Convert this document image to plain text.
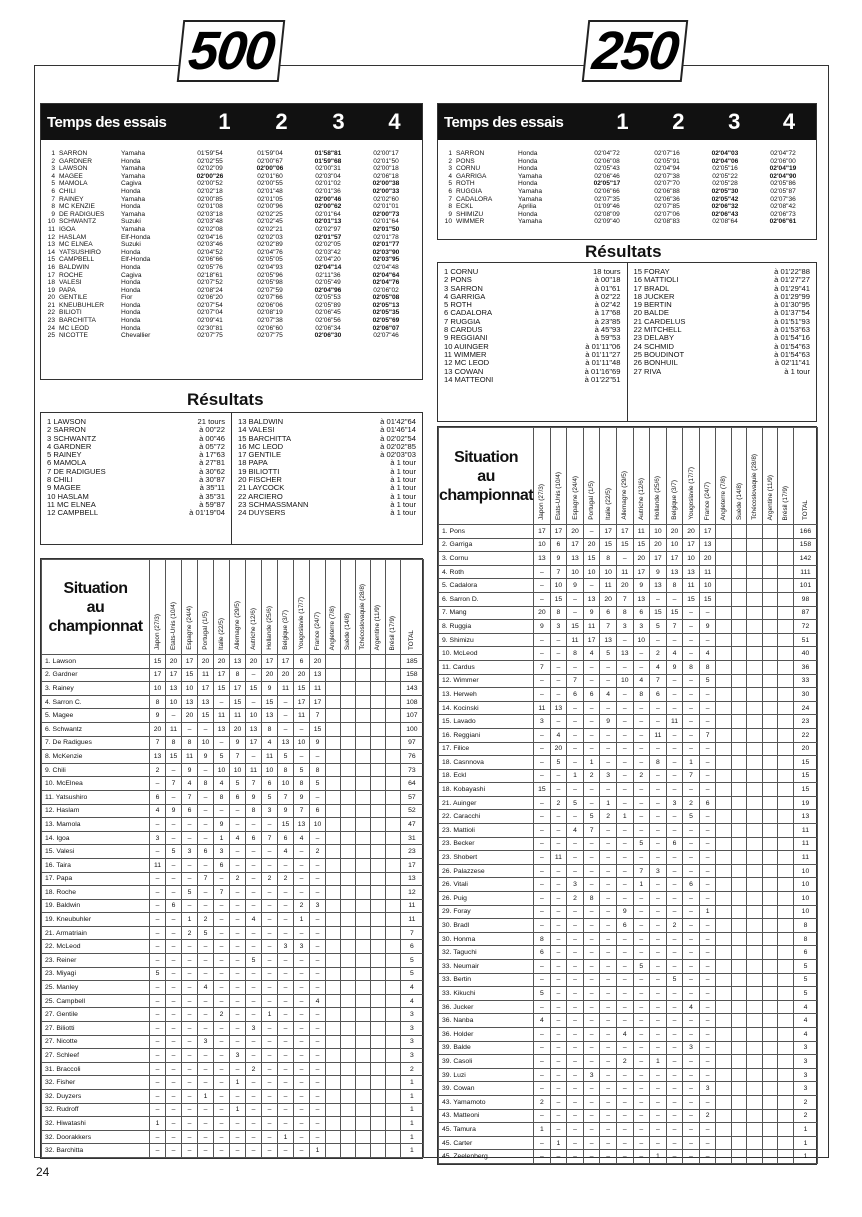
500	250
Temps des essais	1	2	3	4
1	SARRON	Yamaha	01'59"54	01'59"04	01'58"81	02'00"17
2	GARDNER	Honda	02'02"55	02'00"67	01'59"68	02'01"50
3	LAWSON	Yamaha	02'02"09	02'00"06	02'00"31	02'00"18
4	MAGEE	Yamaha	02'00"26	02'01"60	02'03"04	02'06"18
5	MAMOLA	Cagiva	02'00"52	02'00"55	02'01"02	02'00"38
6	CHILI	Honda	02'02"18	02'01"48	02'01"36	02'00"33
7	RAINEY	Yamaha	02'00"85	02'01"05	02'00"46	02'02"60
8	MC KENZIE	Honda	02'01"08	02'00"96	02'00"62	02'01"01
9	DE RADIGUES	Yamaha	02'03"18	02'02"25	02'01"64	02'00"73
10	SCHWANTZ	Suzuki	02'03"48	02'02"45	02'01"13	02'01"64
11	IGOA	Yamaha	02'02"08	02'02"21	02'02"97	02'01"50
12	HASLAM	Elf-Honda	02'04"16	02'02"03	02'01"57	02'01"78
13	MC ELNEA	Suzuki	02'03"46	02'02"89	02'02"05	02'01"77
14	YATSUSHIRO	Honda	02'04"52	02'04"76	02'03"42	02'03"90
15	CAMPBELL	Elf-Honda	02'06"66	02'05"05	02'04"20	02'03"95
16	BALDWIN	Honda	02'05"76	02'04"93	02'04"14	02'04"48
17	ROCHE	Cagiva	02'18"61	02'05"96	02'11"36	02'04"64
18	VALESI	Honda	02'07"52	02'05"98	02'05"49	02'04"76
19	PAPA	Honda	02'08"24	02'07"59	02'04"96	02'06"02
20	GENTILE	Fior	02'06"20	02'07"66	02'05"53	02'05"08
21	KNEUBUHLER	Honda	02'07"54	02'06"06	02'05"89	02'05"13
22	BILIOTI	Honda	02'07"04	02'08"19	02'06"45	02'05"35
23	BARCHITTA	Honda	02'09"41	02'07"38	02'06"56	02'05"69
24	MC LEOD	Honda	02'30"81	02'06"60	02'06"34	02'06"07
25	NICOTTE	Chevallier	02'07"75	02'07"75	02'06"30	02'07"46
Temps des essais	1	2	3	4
1	SARRON	Honda	02'04"72	02'07"16	02'04"03	02'04"72
2	PONS	Honda	02'06"08	02'05"91	02'04"06	02'06"00
3	CORNU	Honda	02'05"43	02'04"94	02'05"16	02'04"19
4	GARRIGA	Yamaha	02'06"46	02'07"38	02'05"22	02'04"90
5	ROTH	Honda	02'05"17	02'07"70	02'05"28	02'05"86
6	RUGGIA	Yamaha	02'06"66	02'06"88	02'05"30	02'05"87
7	CADALORA	Yamaha	02'07"35	02'06"36	02'05"42	02'07"36
8	ECKL	Aprilia	01'09"46	02'07"85	02'06"32	02'08"42
9	SHIMIZU	Honda	02'08"09	02'07"06	02'06"43	02'06"73
10	WIMMER	Yamaha	02'09"40	02'08"83	02'08"64	02'06"61
Résultats
1 CORNU	18 tours
2 PONS	à 00"18
3 SARRON	à 01"61
4 GARRIGA	à 02"22
5 ROTH	à 02"42
6 CADALORA	à 17"68
7 RUGGIA	à 23"85
8 CARDUS	à 45"93
9 REGGIANI	à 59"53
10 AUINGER	à 01'11"06
11 WIMMER	à 01'11"27
12 MC LEOD	à 01'11"48
13 COWAN	à 01'16"69
14 MATTEONI	à 01'22"51
15 FORAY	à 01'22"88
16 MATTIOLI	à 01'27"27
17 BRADL	à 01'29"41
18 JUCKER	à 01'29"99
19 BERTIN	à 01'30"95
20 BALDE	à 01'37"54
21 CARDELUS	à 01'51"93
22 MITCHELL	à 01'53"63
23 DELABY	à 01'54"16
24 SCHMID	à 01'54"63
25 BOUDINOT	à 01'54"63
26 BONHUIL	à 02'11"41
27 RIVA	à 1 tour
Résultats
1 LAWSON	21 tours
2 SARRON	à 00"22
3 SCHWANTZ	à 00"46
4 GARDNER	à 05"72
5 RAINEY	à 17"63
6 MAMOLA	à 27"81
7 DE RADIGUES	à 30"62
8 CHILI	à 30"87
9 MAGEE	à 35"11
10 HASLAM	à 35"31
11 MC ELNEA	à 59"87
12 CAMPBELL	à 01'19"04
13 BALDWIN	à 01'42"64
14 VALESI	à 01'46"14
15 BARCHITTA	à 02'02"54
16 MC LEOD	à 02'02"85
17 GENTILE	à 02'03"03
18 PAPA	à 1 tour
19 BILIOTTI	à 1 tour
20 FISCHER	à 1 tour
21 LAYCOCK	à 1 tour
22 ARCIERO	à 1 tour
23 SCHMASSMANN	à 1 tour
24 DUYSERS	à 1 tour
Situation
au
championnat	Japon (27/3)	Etats-Unis (10/4)	Espagne (24/4)	Portugal (1/5)	Italie (22/5)	Allemagne (29/5)	Autriche (12/6)	Hollande (25/6)	Belgique (3/7)	Yougoslavie (17/7)	France (24/7)	Angleterre (7/8)	Suède (14/8)	Tchécoslovaquie (28/8)	Argentine (11/9)	Brésil (17/9)	TOTAL
1. Lawson	15	20	17	20	20	13	20	17	17	6	20						185
2. Gardner	17	17	15	11	17	8	–	20	20	20	13						158
3. Rainey	10	13	10	17	15	17	15	9	11	15	11						143
4. Sarron C.	8	10	13	13	–	15	–	15	–	17	17						108
5. Magee	9	–	20	15	11	11	10	13	–	11	7						107
6. Schwantz	20	11	–	–	13	20	13	8	–	–	15						100
7. De Radigues	7	8	8	10	–	9	17	4	13	10	9						97
8. McKenzie	13	15	11	9	5	7	–	11	5	–	–						76
9. Chili	2	–	9	–	10	10	11	10	8	5	8						73
10. McElnea	–	7	4	8	4	5	7	6	10	8	5						64
11. Yatsushiro	6	–	7	–	8	6	9	5	7	9	–						57
12. Haslam	4	9	6	–	–	–	8	3	9	7	6						52
13. Mamola	–	–	–	–	9	–	–	–	15	13	10						47
14. Igoa	3	–	–	–	1	4	6	7	6	4	–						31
15. Valesi	–	5	3	6	3	–	–	–	4	–	2						23
16. Taira	11	–	–	–	6	–	–	–	–	–	–						17
17. Papa	–	–	–	7	–	2	–	2	2	–	–						13
18. Roche	–	–	5	–	7	–	–	–	–	–	–						12
19. Baldwin	–	6	–	–	–	–	–	–	–	2	3						11
19. Kneubuhler	–	–	1	2	–	–	4	–	–	1	–						11
21. Armatriain	–	–	2	5	–	–	–	–	–	–	–						7
22. McLeod	–	–	–	–	–	–	–	–	3	3	–						6
23. Reiner	–	–	–	–	–	–	5	–	–	–	–						5
23. Miyagi	5	–	–	–	–	–	–	–	–	–	–						5
25. Manley	–	–	–	4	–	–	–	–	–	–	–						4
25. Campbell	–	–	–	–	–	–	–	–	–	–	4						4
27. Gentile	–	–	–	–	2	–	–	1	–	–	–						3
27. Biliotti	–	–	–	–	–	–	3	–	–	–	–						3
27. Nicotte	–	–	–	3	–	–	–	–	–	–	–						3
27. Schleef	–	–	–	–	–	3	–	–	–	–	–						3
31. Braccoli	–	–	–	–	–	–	2	–	–	–	–						2
32. Fisher	–	–	–	–	–	1	–	–	–	–	–						1
32. Duyzers	–	–	–	1	–	–	–	–	–	–	–						1
32. Rudroff	–	–	–	–	–	1	–	–	–	–	–						1
32. Hiwatashi	1	–	–	–	–	–	–	–	–	–	–						1
32. Doorakkers	–	–	–	–	–	–	–	–	1	–	–						1
32. Barchitta	–	–	–	–	–	–	–	–	–	–	1						1
Situation
au
championnat	Japon (27/3)	Etats-Unis (10/4)	Espagne (24/4)	Portugal (1/5)	Italie (22/5)	Allemagne (29/5)	Autriche (12/6)	Hollande (25/6)	Belgique (3/7)	Yougoslavie (17/7)	France (24/7)	Angleterre (7/8)	Suède (14/8)	Tchécoslovaquie (28/8)	Argentine (11/9)	Brésil (17/9)	TOTAL
1. Pons	17	17	20	–	17	17	11	10	20	20	17						166
2. Garriga	10	6	17	20	15	15	15	20	10	17	13						158
3. Cornu	13	9	13	15	8	–	20	17	17	10	20						142
4. Roth	–	7	10	10	10	11	17	9	13	13	11						111
5. Cadalora	–	10	9	–	11	20	9	13	8	11	10						101
6. Sarron D.	–	15	–	13	20	7	13	–	–	15	15						98
7. Mang	20	8	–	9	6	8	6	15	15	–	–						87
8. Ruggia	9	3	15	11	7	3	3	5	7	–	9						72
9. Shimizu	–	–	11	17	13	–	10	–	–	–	–						51
10. McLeod	–	–	8	4	5	13	–	2	4	–	4						40
11. Cardus	7	–	–	–	–	–	–	4	9	8	8						36
12. Wimmer	–	–	7	–	–	10	4	7	–	–	5						33
13. Herweh	–	–	6	6	4	–	8	6	–	–	–						30
14. Kocinski	11	13	–	–	–	–	–	–	–	–	–						24
15. Lavado	3	–	–	–	9	–	–	–	11	–	–						23
16. Reggiani	–	4	–	–	–	–	–	11	–	–	7						22
17. Filice	–	20	–	–	–	–	–	–	–	–	–						20
18. Casnnova	–	5	–	1	–	–	–	8	–	1	–						15
18. Eckl	–	–	1	2	3	–	2	–	–	7	–						15
18. Kobayashi	15	–	–	–	–	–	–	–	–	–	–						15
21. Auinger	–	2	5	–	1	–	–	–	3	2	6						19
22. Caracchi	–	–	–	5	2	1	–	–	–	5	–						13
23. Mattioli	–	–	4	7	–	–	–	–	–	–	–						11
23. Becker	–	–	–	–	–	–	5	–	6	–	–						11
23. Shobert	–	11	–	–	–	–	–	–	–	–	–						11
26. Palazzese	–	–	–	–	–	–	7	3	–	–	–						10
26. Vitali	–	–	3	–	–	–	1	–	–	6	–						10
26. Puig	–	–	2	8	–	–	–	–	–	–	–						10
29. Foray	–	–	–	–	–	9	–	–	–	–	1						10
30. Bradl	–	–	–	–	–	6	–	–	2	–	–						8
30. Honma	8	–	–	–	–	–	–	–	–	–	–						8
32. Taguchi	6	–	–	–	–	–	–	–	–	–	–						6
33. Neumair	–	–	–	–	–	–	5	–	–	–	–						5
33. Bertin	–	–	–	–	–	–	–	–	5	–	–						5
33. Kikuchi	5	–	–	–	–	–	–	–	–	–	–						5
36. Jucker	–	–	–	–	–	–	–	–	–	4	–						4
36. Nanba	4	–	–	–	–	–	–	–	–	–	–						4
36. Holder	–	–	–	–	–	4	–	–	–	–	–						4
39. Balde	–	–	–	–	–	–	–	–	–	3	–						3
39. Casoli	–	–	–	–	–	2	–	1	–	–	–						3
39. Luzi	–	–	–	3	–	–	–	–	–	–	–						3
39. Cowan	–	–	–	–	–	–	–	–	–	–	3						3
43. Yamamoto	2	–	–	–	–	–	–	–	–	–	–						2
43. Matteoni	–	–	–	–	–	–	–	–	–	–	2						2
45. Tamura	1	–	–	–	–	–	–	–	–	–	–						1
45. Carter	–	1	–	–	–	–	–	–	–	–	–						1
45. Zeelenberg	–	–	–	–	–	–	–	1	–	–	–						1
24
